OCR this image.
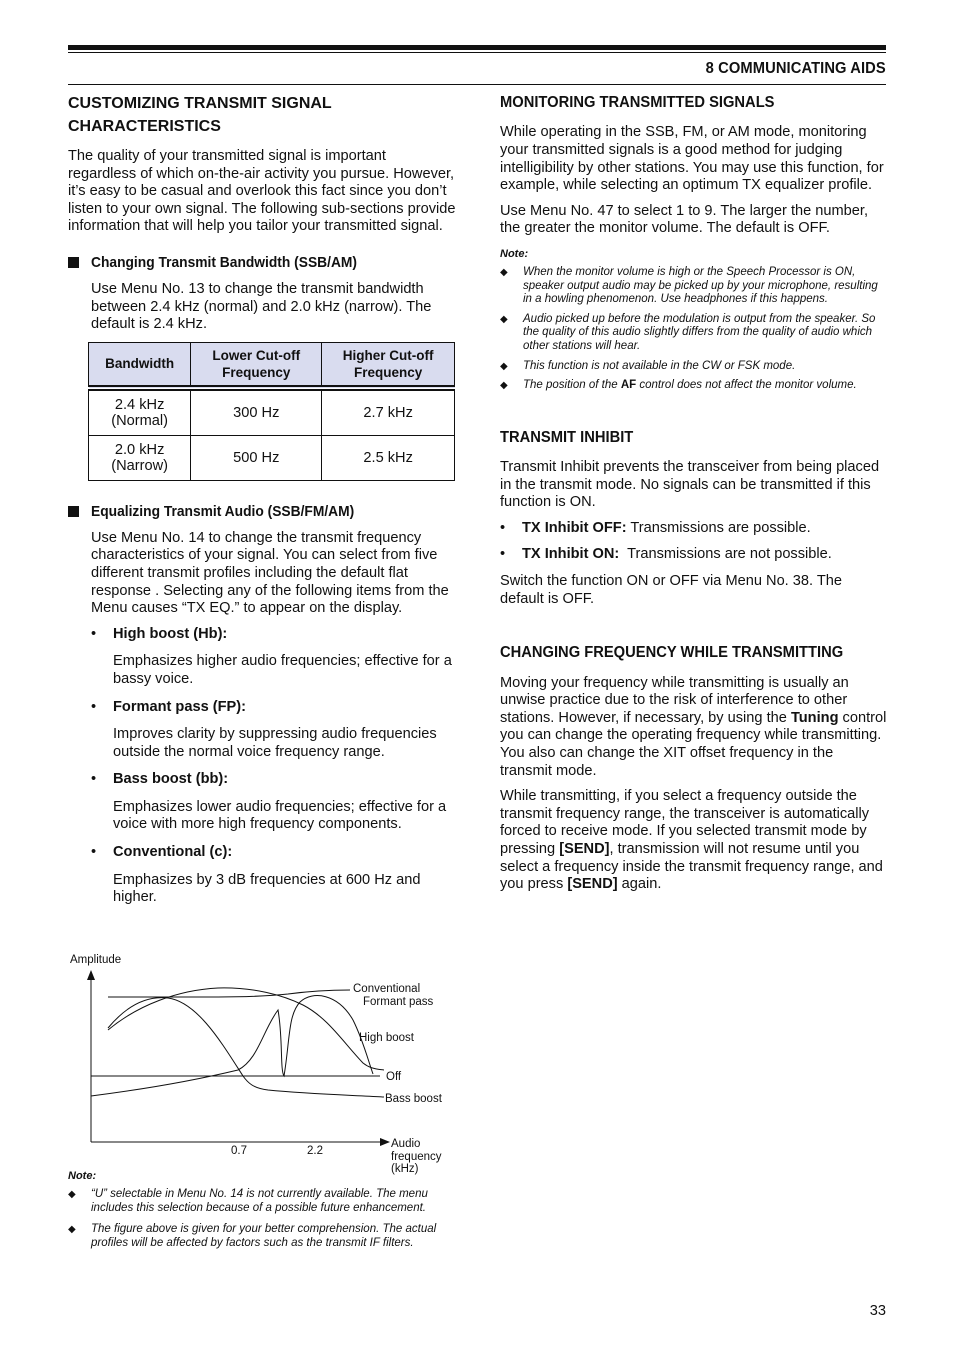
8 COMMUNICATING AIDS
CUSTOMIZING TRANSMIT SIGNAL CHARACTERISTICS

The quality of your transmitted signal is important regardless of which on-the-air activity you pursue. However, it’s easy to be casual and overlook this fact since you don’t listen to your own signal. The following sub-sections provide information that will help you tailor your transmitted signal.

Changing Transmit Bandwidth (SSB/AM)

Use Menu No. 13 to change the transmit bandwidth between 2.4 kHz (normal) and 2.0 kHz (narrow). The default is 2.4 kHz.

Bandwidth	Lower Cut-off Frequency	Higher Cut-off Frequency
2.4 kHz (Normal)	300 Hz	2.7 kHz
2.0 kHz (Narrow)	500 Hz	2.5 kHz
Equalizing Transmit Audio (SSB/FM/AM)

Use Menu No. 14 to change the transmit frequency characteristics of your signal. You can select from five different transmit profiles including the default flat response . Selecting any of the following items from the Menu causes “TX EQ.” to appear on the display.

•	High boost (Hb):

Emphasizes higher audio frequencies; effective for a bassy voice.

•	Formant pass (FP):

Improves clarity by suppressing audio frequencies outside the normal voice frequency range.

•	Bass boost (bb):

Emphasizes lower audio frequencies; effective for a voice with more high frequency components.

•	Conventional (c):

Emphasizes by 3 dB frequencies at 600 Hz and higher.

Amplitude
Conventional
Formant pass
High boost
Off
Bass boost
0.7	2.2
Audio
frequency
(kHz)
Note:
◆	“U” selectable in Menu No. 14 is not currently available. The menu includes this selection because of a possible future enhancement.
◆	The figure above is given for your better comprehension. The actual profiles will be affected by factors such as the transmit IF filters.
MONITORING TRANSMITTED SIGNALS

While operating in the SSB, FM, or AM mode, monitoring your transmitted signals is a good method for judging intelligibility by other stations. You may use this function, for example, while selecting an optimum TX equalizer profile.

Use Menu No. 47 to select 1 to 9. The larger the number, the greater the monitor volume. The default is OFF.

Note:
◆	When the monitor volume is high or the Speech Processor is ON, speaker output audio may be picked up by your microphone, resulting in a howling phenomenon. Use headphones if this happens.
◆	Audio picked up before the modulation is output from the speaker. So the quality of this audio slightly differs from the quality of audio which other stations will hear.
◆	This function is not available in the CW or FSK mode.
◆	The position of the AF control does not affect the monitor volume.
TRANSMIT INHIBIT

Transmit Inhibit prevents the transceiver from being placed in the transmit mode. No signals can be transmitted if this function is ON.

•	TX Inhibit OFF: Transmissions are possible.
•	TX Inhibit ON:  Transmissions are not possible.

Switch the function ON or OFF via Menu No. 38. The default is OFF.

CHANGING FREQUENCY WHILE TRANSMITTING

Moving your frequency while transmitting is usually an unwise practice due to the risk of interference to other stations. However, if necessary, by using the Tuning control you can change the operating frequency while transmitting. You also can change the XIT offset frequency in the transmit mode.

While transmitting, if you select a frequency outside the transmit frequency range, the transceiver is automatically forced to receive mode. If you selected transmit mode by pressing [SEND], transmission will not resume until you select a frequency inside the transmit frequency range, and you press [SEND] again.

33
